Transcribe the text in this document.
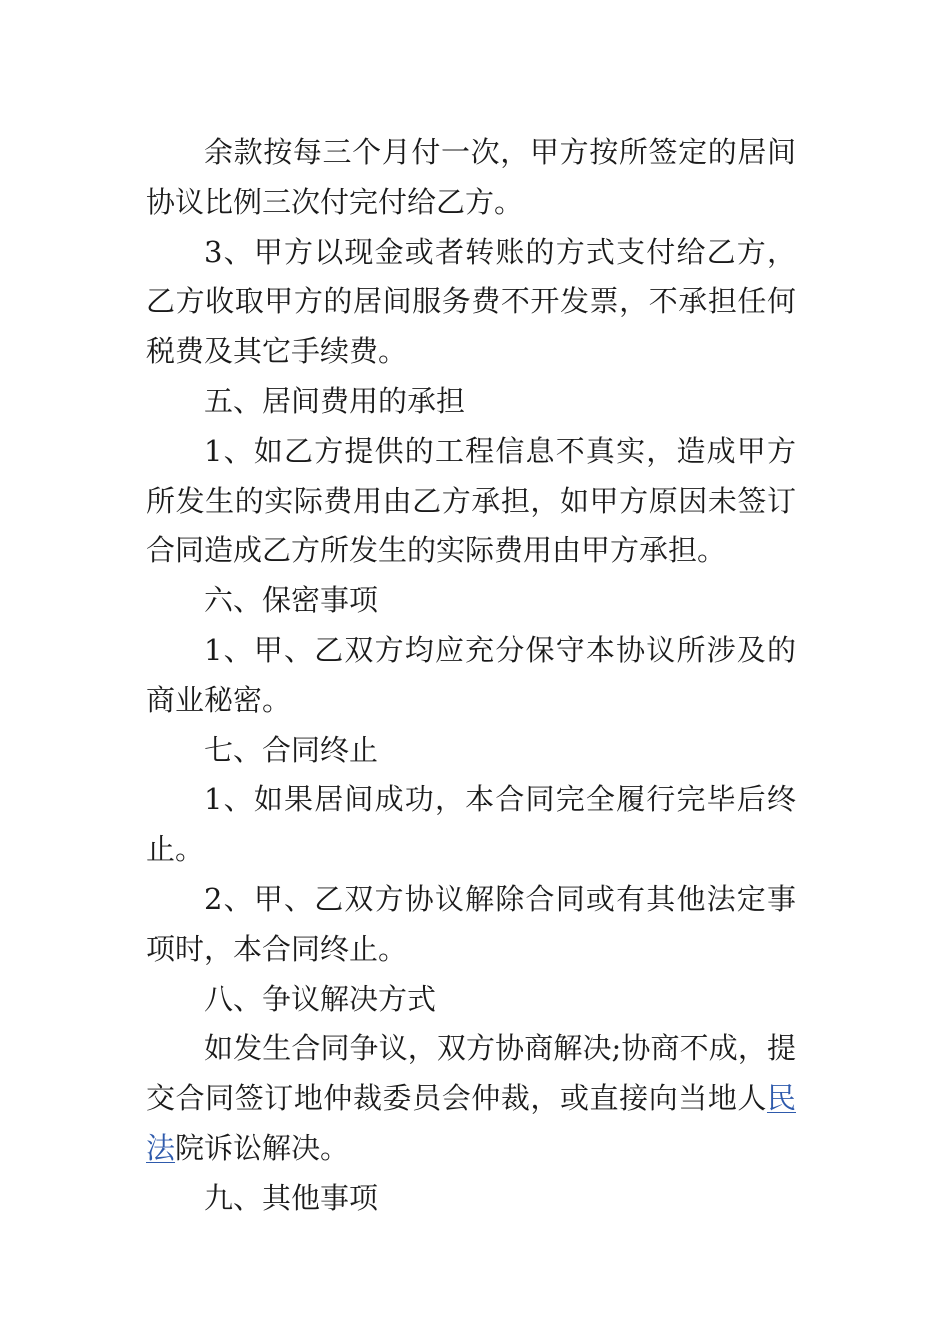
余款按每三个月付一次，甲方按所签定的居间协议比例三次付完付给乙方。

3、甲方以现金或者转账的方式支付给乙方，乙方收取甲方的居间服务费不开发票，不承担任何税费及其它手续费。

五、居间费用的承担

1、如乙方提供的工程信息不真实，造成甲方所发生的实际费用由乙方承担，如甲方原因未签订合同造成乙方所发生的实际费用由甲方承担。

六、保密事项

1、甲、乙双方均应充分保守本协议所涉及的商业秘密。

七、合同终止

1、如果居间成功，本合同完全履行完毕后终止。

2、甲、乙双方协议解除合同或有其他法定事项时，本合同终止。

八、争议解决方式

如发生合同争议，双方协商解决;协商不成，提交合同签订地仲裁委员会仲裁，或直接向当地人民法院诉讼解决。

九、其他事项
